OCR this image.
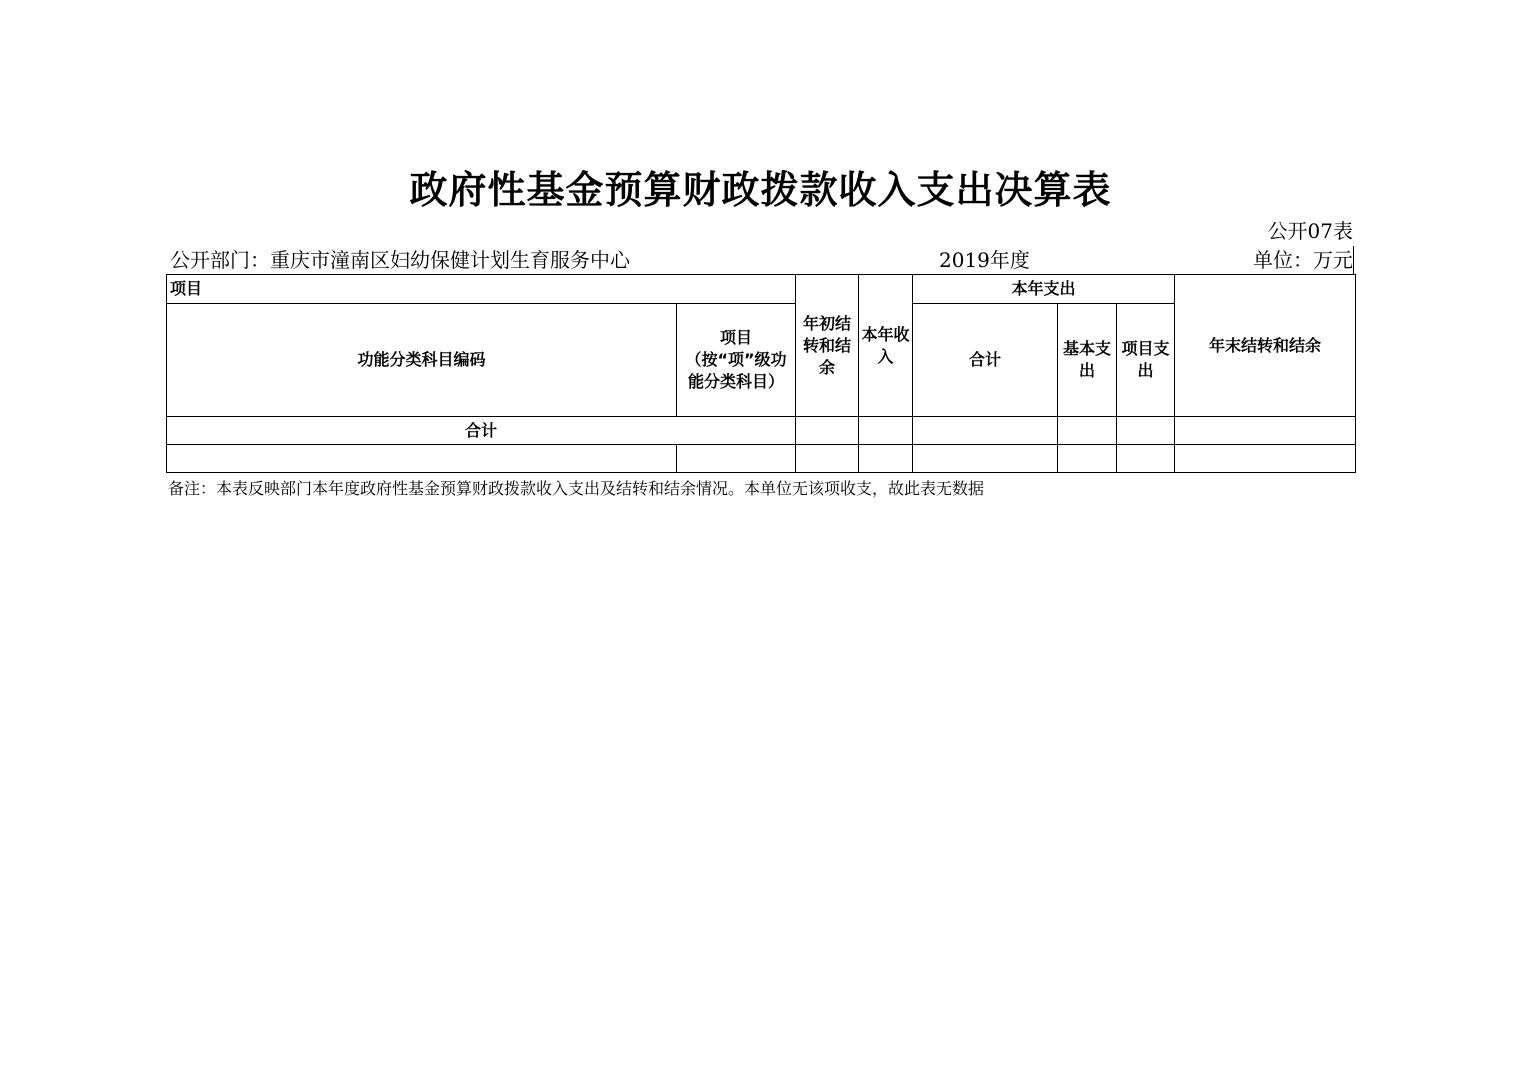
政府性基金预算财政拨款收入支出决算表
公开07表
公开部门：重庆市潼南区妇幼保健计划生育服务中心	2019年度	单位：万元
项目		年初结转和结余	本年收入	本年支出			年末结转和结余
功能分类科目编码	项目（按“项”级功能分类科目）			合计	基本支出	项目支出	
合计							

备注：本表反映部门本年度政府性基金预算财政拨款收入支出及结转和结余情况。本单位无该项收支，故此表无数据
